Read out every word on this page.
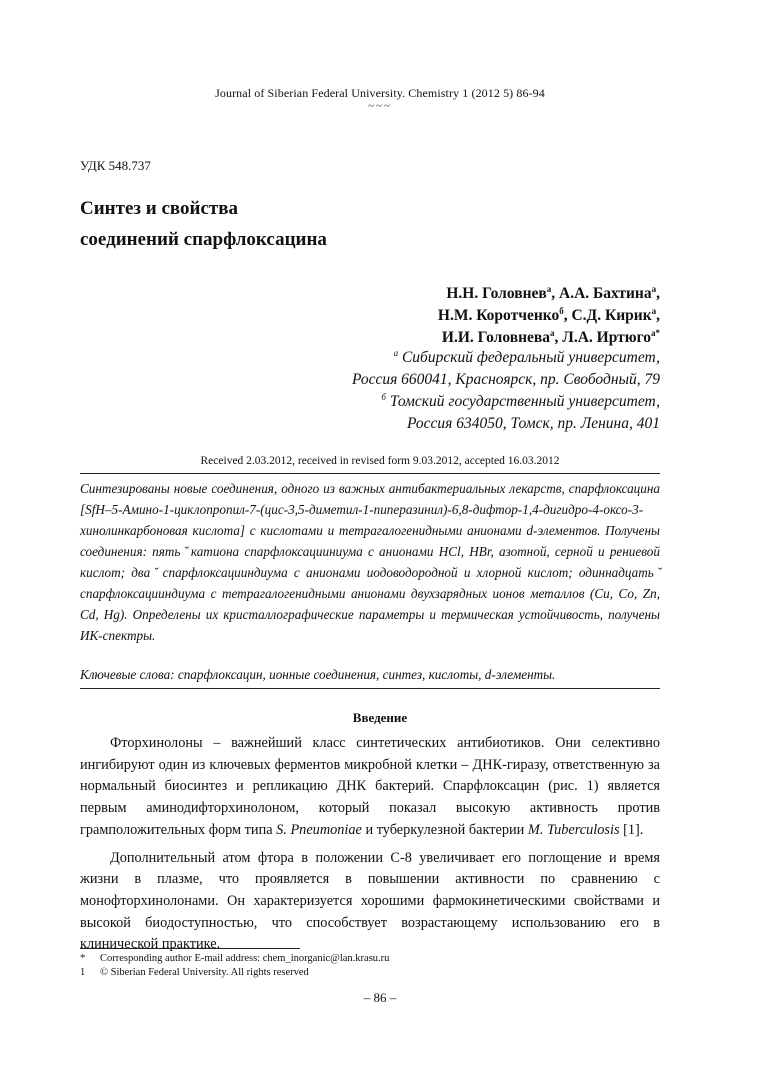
Journal of Siberian Federal University. Chemistry 1 (2012 5) 86-94
~~~
УДК 548.737
Синтез и свойства
соединений спарфлоксацина
Н.Н. Головнев$^а$, А.А. Бахтина$^а$,
Н.М. Коротченко$^б$, С.Д. Кирик$^а$,
И.И. Головнева$^а$, Л.А. Иртюго$^{а*}$
$^а$ Сибирский федеральный университет,
Россия 660041, Красноярск, пр. Свободный, 79
$^б$ Томский государственный университет,
Россия 634050, Томск, пр. Ленина, 401
Received 2.03.2012, received in revised form 9.03.2012, accepted 16.03.2012
Синтезированы новые соединения, одного из важных антибактериальных лекарств, спарфлоксацина [SfH–5-Амино-1-циклопропил-7-(цис-3,5-диметил-1-пиперазинил)-6,8-дифтор-1,4-дигидро-4-оксо-3-хинолинкарбоновая кислота] с кислотами и тетрагалогенидными анионами d-элементов. Получены соединения: пять ̆ катиона спарфлоксацииниума с анионами HCl, HBr, азотной, серной и рениевой кислот; два ̆ спарфлоксацииндиума с анионами иодоводородной и хлорной кислот; одиннадцать ̆ спарфлоксацииндиума с тетрагалогенидными анионами двухзарядных ионов металлов (Cu, Co, Zn, Cd, Hg). Определены их кристаллографические параметры и термическая устойчивость, получены ИК-спектры.
Ключевые слова: спарфлоксацин, ионные соединения, синтез, кислоты, d-элементы.
Введение

Фторхинолоны – важнейший класс синтетических антибиотиков. Они селективно ингибируют один из ключевых ферментов микробной клетки – ДНК-гиразу, ответственную за нормальный биосинтез и репликацию ДНК бактерий. Спарфлоксацин (рис. 1) является первым аминодифторхинолоном, который показал высокую активность против грамположительных форм типа S. Pneumoniae и туберкулезной бактерии M. Tuberculosis [1].

Дополнительный атом фтора в положении С-8 увеличивает его поглощение и время жизни в плазме, что проявляется в повышении активности по сравнению с монофторхинолонами. Он характеризуется хорошими фармокинетическими свойствами и высокой биодоступностью, что способствует возрастающему использованию его в клинической практике.

* Corresponding author E-mail address: chem_inorganic@lan.krasu.ru
1 © Siberian Federal University. All rights reserved
– 86 –
